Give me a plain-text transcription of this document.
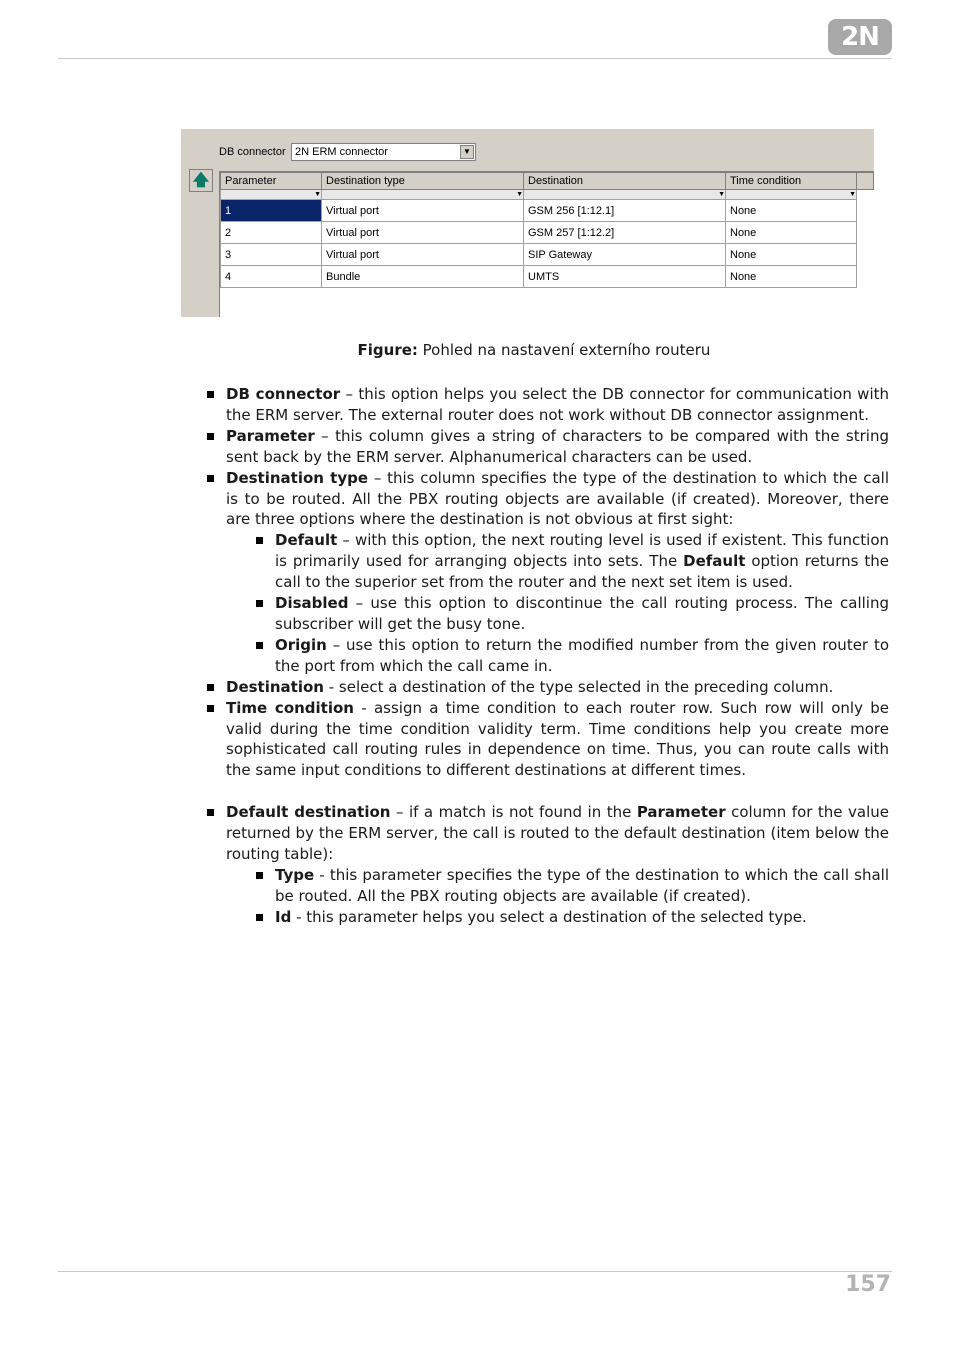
2N
DB connector 2N ERM connector	▼
🡅	Parameter	Destination type	Destination	Time condition	
▼	▼	▼	▼	
1	Virtual port	GSM 256 [1:12.1]	None	
2	Virtual port	GSM 257 [1:12.2]	None	
3	Virtual port	SIP Gateway	None	
4	Bundle	UMTS	None	
Figure: Pohled na nastavení externího routeru
DB connector – this option helps you select the DB connector for communication with the ERM server. The external router does not work without DB connector assignment.
Parameter – this column gives a string of characters to be compared with the string sent back by the ERM server. Alphanumerical characters can be used.
Destination type – this column specifies the type of the destination to which the call is to be routed. All the PBX routing objects are available (if created). Moreover, there are three options where the destination is not obvious at first sight:
Default – with this option, the next routing level is used if existent. This function is primarily used for arranging objects into sets. The Default option returns the call to the superior set from the router and the next set item is used.
Disabled – use this option to discontinue the call routing process. The calling subscriber will get the busy tone.
Origin – use this option to return the modified number from the given router to the port from which the call came in.
Destination - select a destination of the type selected in the preceding column.
Time condition - assign a time condition to each router row. Such row will only be valid during the time condition validity term. Time conditions help you create more sophisticated call routing rules in dependence on time. Thus, you can route calls with the same input conditions to different destinations at different times.
Default destination – if a match is not found in the Parameter column for the value returned by the ERM server, the call is routed to the default destination (item below the routing table):
Type - this parameter specifies the type of the destination to which the call shall be routed. All the PBX routing objects are available (if created).
Id - this parameter helps you select a destination of the selected type.
157
